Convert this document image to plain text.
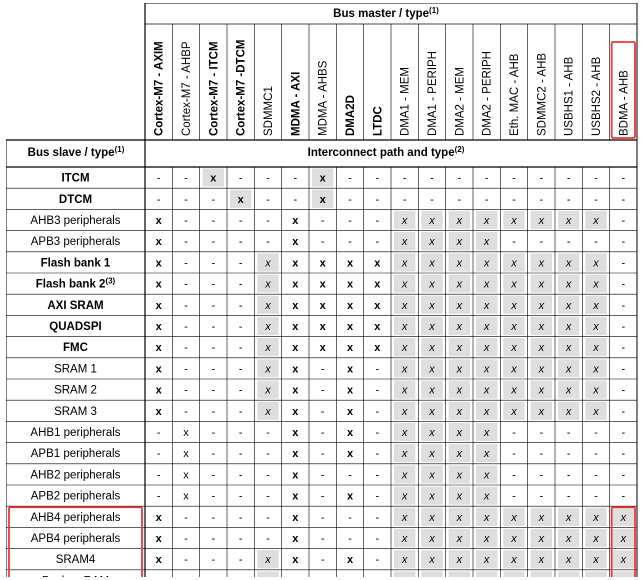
Bus master / type$^{(1)}$
Bus slave / type$^{(1)}$	Interconnect path and type$^{(2)}$
Cortex-M7 - AXIM Cortex-M7 - AHBP Cortex-M7 - ITCM Cortex-M7 -DTCM SDMMC1 MDMA - AXI MDMA - AHBS DMA2D LTDC DMA1 - MEM DMA1 - PERIPH DMA2 - MEM DMA2 - PERIPH Eth. MAC - AHB SDMMC2 - AHB USBHS1 - AHB USBHS2 - AHB BDMA - AHB
ITCM
DTCM
AHB3 peripherals
APB3 peripherals
Flash bank 1
Flash bank 2$^{(3)}$
AXI SRAM
QUADSPI
FMC
SRAM 1
SRAM 2
SRAM 3
AHB1 peripherals
APB1 peripherals
AHB2 peripherals
APB2 peripherals
AHB4 peripherals
APB4 peripherals
SRAM4
- - x - - - x - - - - - - - - - - -
- - - x - - x - - - - - - - - - - -
x - - - - x - - - x x x x x x x x -
x - - - - x - - - x x x x - - - - -
x - - - x x x x x x x x x x x x x -
x - - - x x x x x x x x x x x x x -
x - - - x x x x x x x x x x x x x -
x - - - x x x x x x x x x x x x x -
x - - - x x x x x x x x x x x x x -
x - - - x x - x - x x x x x x x x -
x - - - x x - x - x x x x x x x x -
x - - - x x - x - x x x x x x x x -
- x - - - x - x - x x x x - - - - -
- x - - - x - x - x x x x - - - - -
- x - - - x - - - x x x x - - - - -
- x - - - x - x - x x x x - - - - -
x - - - - x - - - x x x x x x x x x
x - - - - x - - - x x x x x x x x x
x - - - x x - x - x x x x x x x x x
